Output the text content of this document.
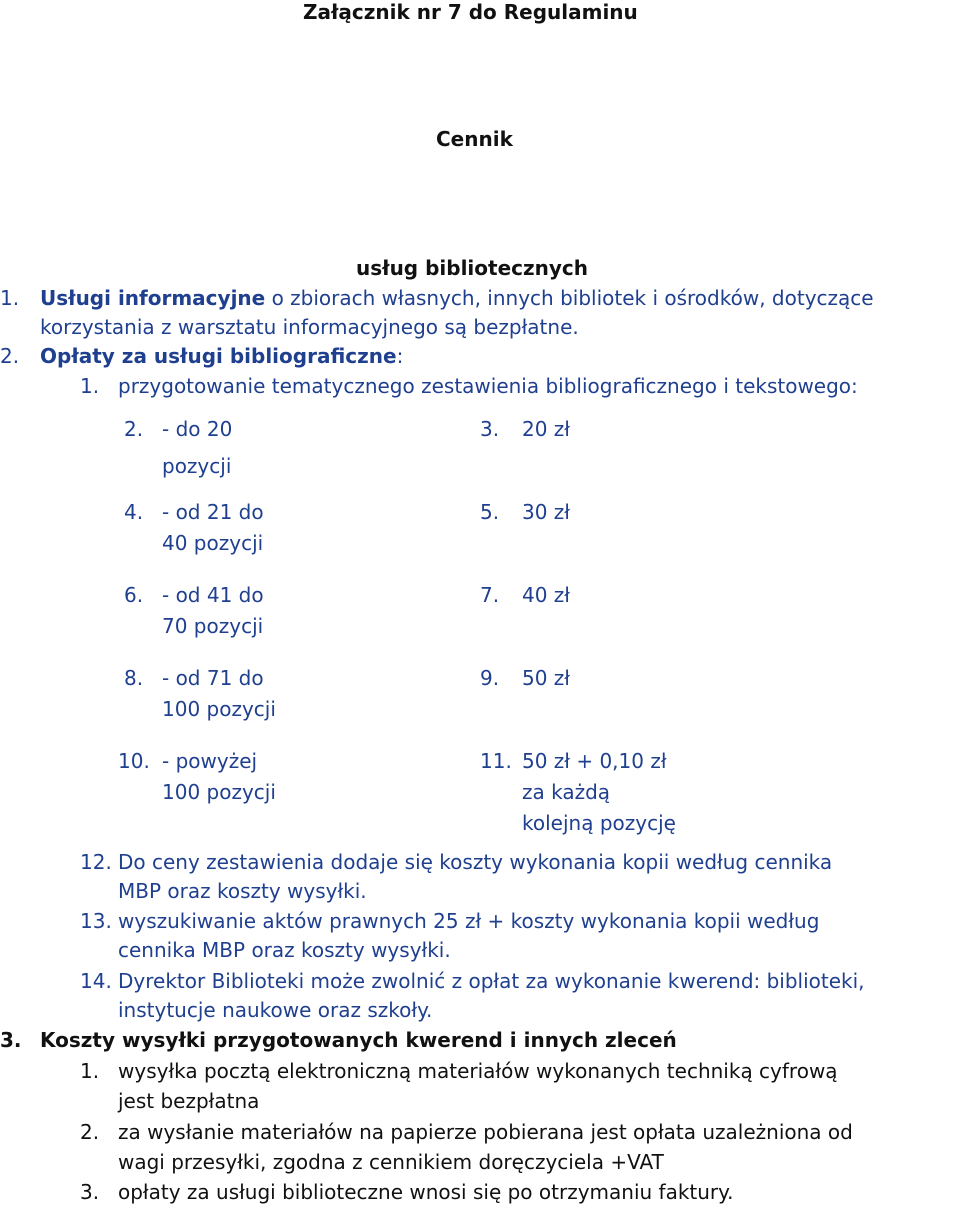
Załącznik nr 7 do Regulaminu
Cennik
usług bibliotecznych
1. Usługi informacyjne o zbiorach własnych, innych bibliotek i ośrodków, dotyczące
korzystania z warsztatu informacyjnego są bezpłatne.
2. Opłaty za usługi bibliograficzne:
1. przygotowanie tematycznego zestawienia bibliograficznego i tekstowego:
2. - do 20
pozycji
3. 20 zł
4. - od 21 do
40 pozycji
5. 30 zł
6. - od 41 do
70 pozycji
7. 40 zł
8. - od 71 do
100 pozycji
9. 50 zł
10. - powyżej
100 pozycji
11. 50 zł + 0,10 zł
za każdą
kolejną pozycję
12. Do ceny zestawienia dodaje się koszty wykonania kopii według cennika
MBP oraz koszty wysyłki.
13. wyszukiwanie aktów prawnych 25 zł + koszty wykonania kopii według
cennika MBP oraz koszty wysyłki.
14. Dyrektor Biblioteki może zwolnić z opłat za wykonanie kwerend: biblioteki,
instytucje naukowe oraz szkoły.
3. Koszty wysyłki przygotowanych kwerend i innych zleceń
1. wysyłka pocztą elektroniczną materiałów wykonanych techniką cyfrową
jest bezpłatna
2. za wysłanie materiałów na papierze pobierana jest opłata uzależniona od
wagi przesyłki, zgodna z cennikiem doręczyciela +VAT
3. opłaty za usługi biblioteczne wnosi się po otrzymaniu faktury.
